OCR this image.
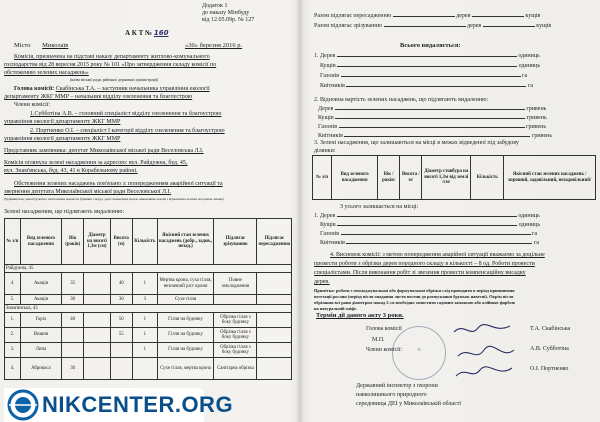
Додаток 1
до наказу Мінбуду
від 12.05.09р. № 127
А К Т № 160
Місто Миколаїв	«30» березня 2016 р.
Комісія, призначена на підставі наказу департаменту житлово-комунального
господарства від 28 вересня 2015 року № 101 «Про затвердження складу комісії по
обстеженню зелених насаджень»
(назва міської ради, районної державної адміністрації)
Голова комісії: Скабінська Т.А. – заступник начальника управління екології
департаменту ЖКГ ММР – начальник відділу озеленення та благоустрою
Члени комісії:
1.Субботіна А.В. – головний спеціаліст відділу озеленення та благоустрою
управління екології департаменту ЖКГ ММР
2. Портненко О.І. – спеціаліст I категорії відділу озеленення та благоустрою
управління екології департаменту ЖКГ ММР
Представник замовника: депутат Миколаївської міської ради Веселовська Л.І.
Комісія оглянула зелені насадження за адресою: вул. Райдужна, буд. 45,
вул. Знам'янська, буд. 43, 41 в Корабельному районі.
Обстеження зелених насаджень пов'язано з: попередженням аварійної ситуації та
звернення депутата Миколаївської міської ради Веселовської Л.І.
(будівництвом, реконструкцією, капітальним ремонтом будинків, споруд, доріг, інженерних мереж, виконанням заходів з відновлення зелених насаджень, іншим)
Зелені насадження, що підлягають видаленню:
№ з/п	Вид зеленого насадження	Вік (років)	Діаметр на висоті 1,3м (см)	Висота (м)	Кількість	Якісний стан зелених насаджень (добр., задов., незад.)	Підлягає зрізуванню	Підлягає пересадженню
Райдужна, 45								
4.	Акація	35		40	1	Мертва крона, суха гілля, незначний ріст крони	Повне омолодження	
5.	Акація	30		30	3	Сухе гілля		
Знам'янська, 43								
1.	Горіх	40		50	1	Гілля на будинку	Обрізка гілля з боку будинку	
2.	Вишня			55	1	Гілля на будинку	Обрізка гілля з боку будинку	
3.	Липа				1	Гілля на будинку	Обрізка гілля з боку будинку	
4.	Абрикоса	30				Сухе гілля, мертва крона	Санітарна обрізка	
NIKCENTER.ORG
Разом підлягає пересадженню	дерев	кущів
Разом підлягає зрізуванню	дерев	кущів
Всього видаляється:
1. Дерев	одиниць
Кущів	одиниць
Газонів	га
Квітників	га
2. Відновна вартість зелених насаджень, що підлягають видаленню:
Дерев	гривень
Кущів	гривень
Газонів	гривень
Квітників	гривень
3. Зелені насадження, що залишаються на місці в межах відведеної під забудову
ділянки:
№ з/п	Вид зеленого насадження	Вік /років/	Висота /м/	Діаметр стовбура на висоті 1,3м від землі /см/	Кількість	Якісний стан зелених насаджень /хороший, задовільний, незадовільний/
З усього залишається на місці:
1. Дерев	одиниць
Кущів	одиниць
Газонів	га
Квітників	га
4. Висновок комісії: з метою попередження аварійної ситуації вважаємо за доцільне
провести роботи з обрізки дерев породного складу в кількості – 8 од. Роботи провести
спеціалістами. Після виконання робіт зі звезення провести компенсаційну висадку
дерев.
Примітка: роботи з омолоджувальної або формувальної обрізки слід проводити в період припинення
вегетації рослин (період після опадання листя восени до розпускання бруньок навесні). Окрім після
обрізання всі рани діаметром понад 2 см необхідно зачистити садовим замазкою або олійною фарбою
на натуральній оліфі.
Термін дії даного акту 3 роки.
Голова комісії
М.П.
Т.А. Скабінська
Члени комісії:	А.В. Субботіна
О.І. Портненко
★
Державний інспектор з охорони
навколишнього природного
середовища ДЕІ у Миколаївській області
